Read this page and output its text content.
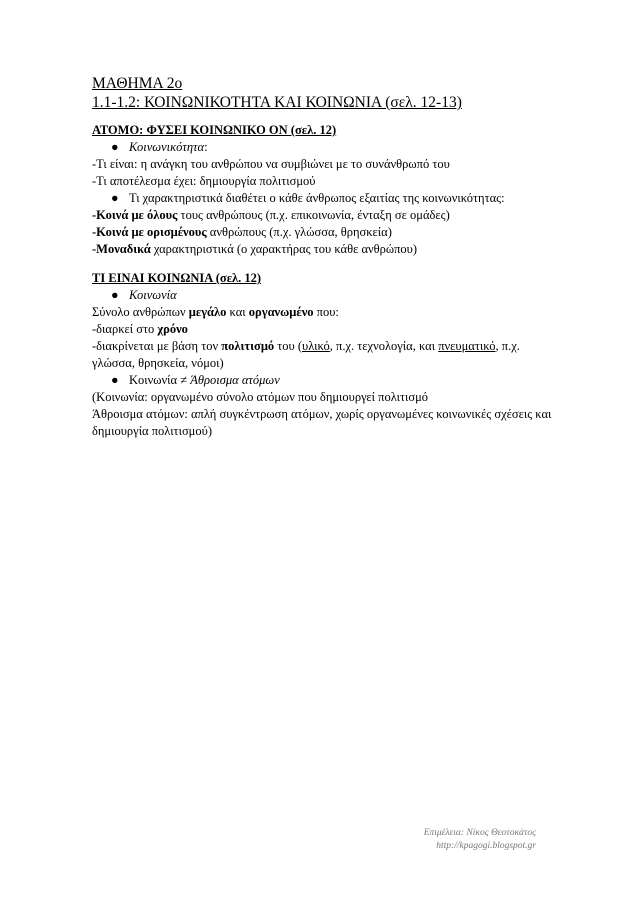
ΜΑΘΗΜΑ 2ο

1.1-1.2: ΚΟΙΝΩΝΙΚΟΤΗΤΑ ΚΑΙ ΚΟΙΝΩΝΙΑ (σελ. 12-13)

ΑΤΟΜΟ: ΦΥΣΕΙ ΚΟΙΝΩΝΙΚΟ ΟΝ (σελ. 12)

● Κοινωνικότητα:

-Τι είναι: η ανάγκη του ανθρώπου να συμβιώνει με το συνάνθρωπό του

-Τι αποτέλεσμα έχει: δημιουργία πολιτισμού

● Τι χαρακτηριστικά διαθέτει ο κάθε άνθρωπος εξαιτίας της κοινωνικότητας:

-Κοινά με όλους τους ανθρώπους (π.χ. επικοινωνία, ένταξη σε ομάδες)

-Κοινά με ορισμένους ανθρώπους (π.χ. γλώσσα, θρησκεία)

-Μοναδικά χαρακτηριστικά (ο χαρακτήρας του κάθε ανθρώπου)

ΤΙ ΕΙΝΑΙ ΚΟΙΝΩΝΙΑ (σελ. 12)

● Κοινωνία

Σύνολο ανθρώπων μεγάλο και οργανωμένο που:

-διαρκεί στο χρόνο

-διακρίνεται με βάση τον πολιτισμό του (υλικό, π.χ. τεχνολογία, και πνευματικό, π.χ. γλώσσα, θρησκεία, νόμοι)

● Κοινωνία ≠ Άθροισμα ατόμων

(Κοινωνία: οργανωμένο σύνολο ατόμων που δημιουργεί πολιτισμό

Άθροισμα ατόμων: απλή συγκέντρωση ατόμων, χωρίς οργανωμένες κοινωνικές σχέσεις και δημιουργία πολιτισμού)

Επιμέλεια: Νίκος Θεοτοκάτος
http://kpagogi.blogspot.gr
